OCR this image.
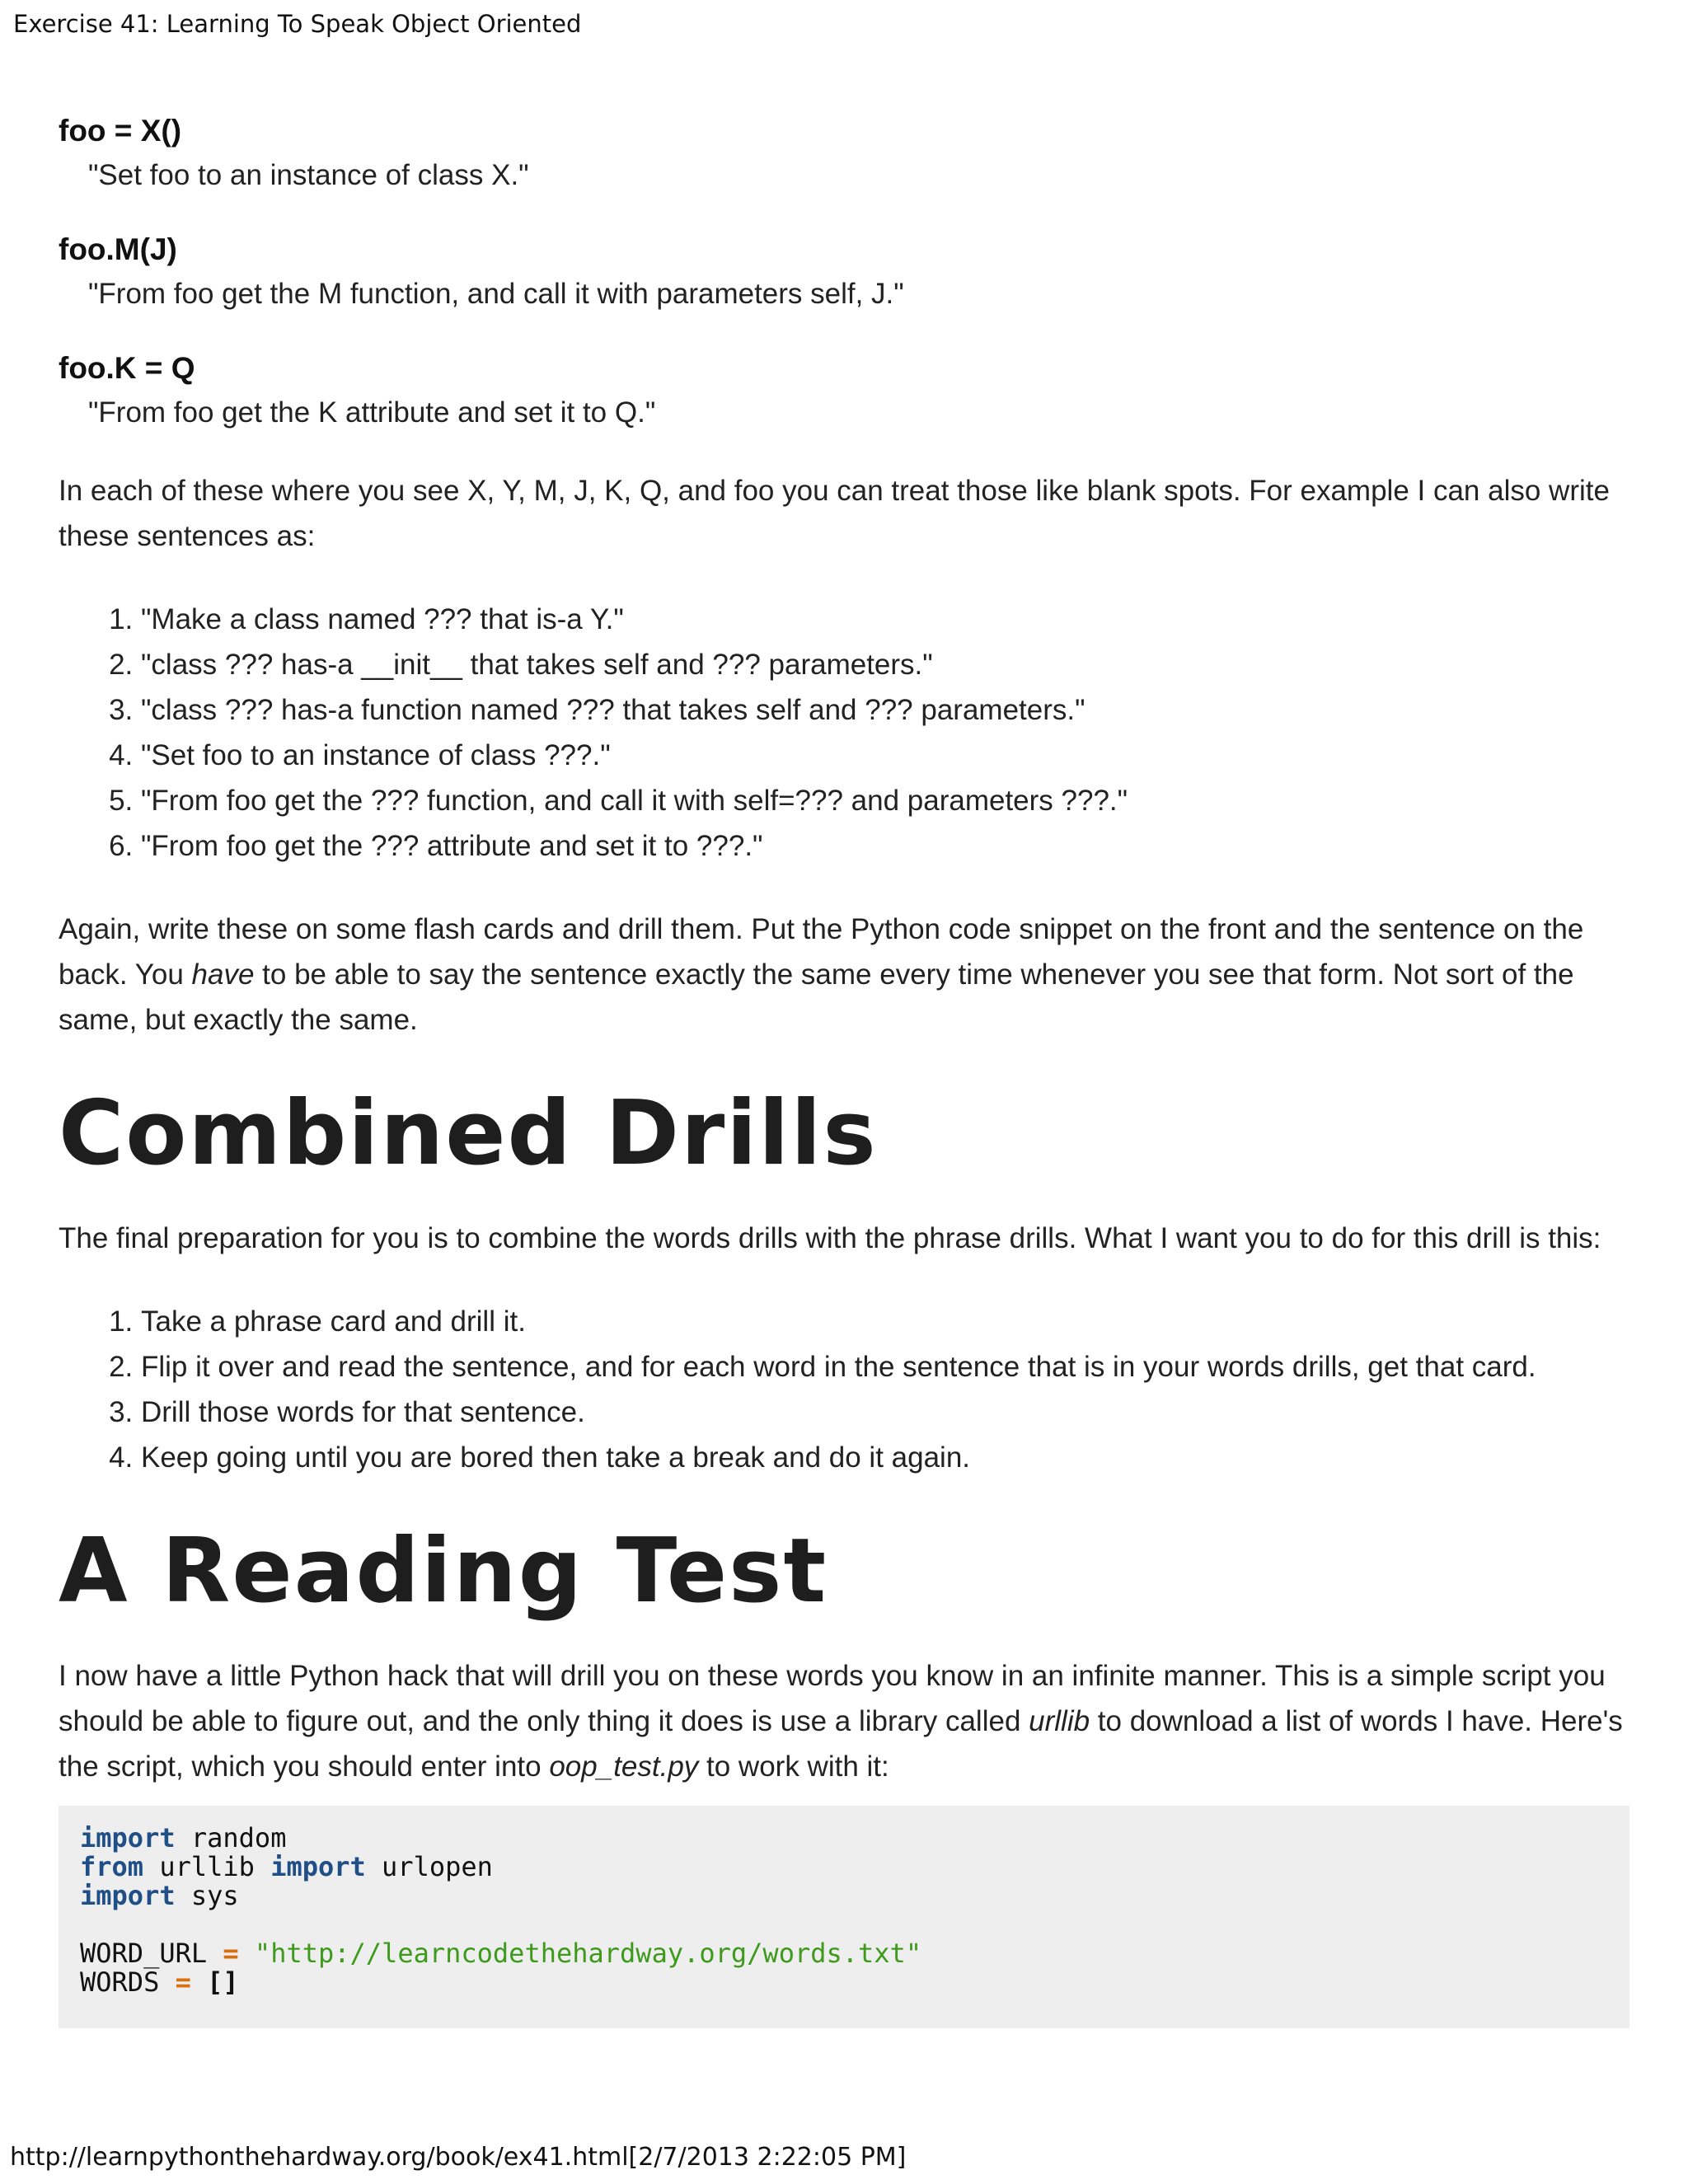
Exercise 41: Learning To Speak Object Oriented
foo = X()
"Set foo to an instance of class X."
foo.M(J)
"From foo get the M function, and call it with parameters self, J."
foo.K = Q
"From foo get the K attribute and set it to Q."

In each of these where you see X, Y, M, J, K, Q, and foo you can treat those like blank spots. For example I can also write these sentences as:

1. "Make a class named ??? that is-a Y."
2. "class ??? has-a __init__ that takes self and ??? parameters."
3. "class ??? has-a function named ??? that takes self and ??? parameters."
4. "Set foo to an instance of class ???."
5. "From foo get the ??? function, and call it with self=??? and parameters ???."
6. "From foo get the ??? attribute and set it to ???."

Again, write these on some flash cards and drill them. Put the Python code snippet on the front and the sentence on the back. You have to be able to say the sentence exactly the same every time whenever you see that form. Not sort of the same, but exactly the same.

Combined Drills

The final preparation for you is to combine the words drills with the phrase drills. What I want you to do for this drill is this:

1. Take a phrase card and drill it.
2. Flip it over and read the sentence, and for each word in the sentence that is in your words drills, get that card.
3. Drill those words for that sentence.
4. Keep going until you are bored then take a break and do it again.
A Reading Test

I now have a little Python hack that will drill you on these words you know in an infinite manner. This is a simple script you should be able to figure out, and the only thing it does is use a library called urllib to download a list of words I have. Here's the script, which you should enter into oop_test.py to work with it:

import random
from urllib import urlopen
import sys

WORD_URL = "http://learncodethehardway.org/words.txt"
WORDS = []
http://learnpythonthehardway.org/book/ex41.html[2/7/2013 2:22:05 PM]
